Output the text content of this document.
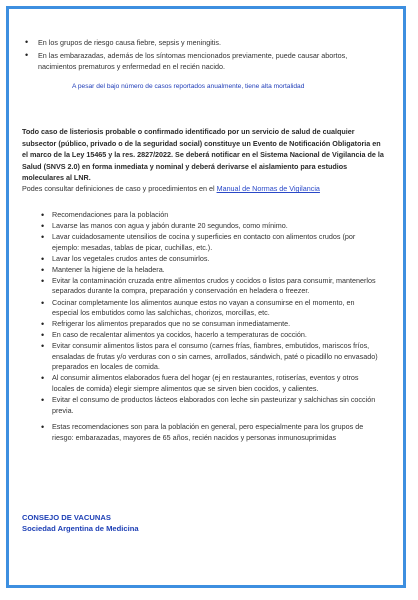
• En los grupos de riesgo causa fiebre, sepsis y meningitis.
• En las embarazadas, además de los síntomas mencionados previamente, puede causar abortos, nacimientos prematuros y enfermedad en el recién nacido.
A pesar del bajo número de casos reportados anualmente, tiene alta mortalidad
Todo caso de listeriosis probable o confirmado identificado por un servicio de salud de cualquier subsector (público, privado o de la seguridad social) constituye un Evento de Notificación Obligatoria en el marco de la Ley 15465 y la res. 2827/2022. Se deberá notificar en el Sistema Nacional de Vigilancia de la Salud (SNVS 2.0) en forma inmediata y nominal y deberá derivarse el aislamiento para estudios moleculares al LNR.
Podes consultar definiciones de caso y procedimientos en el Manual de Normas de Vigilancia
• Recomendaciones para la población
• Lavarse las manos con agua y jabón durante 20 segundos, como mínimo.
• Lavar cuidadosamente utensilios de cocina y superficies en contacto con alimentos crudos (por ejemplo: mesadas, tablas de picar, cuchillas, etc.).
• Lavar los vegetales crudos antes de consumirlos.
• Mantener la higiene de la heladera.
• Evitar la contaminación cruzada entre alimentos crudos y cocidos o listos para consumir, mantenerlos separados durante la compra, preparación y conservación en heladera o freezer.
• Cocinar completamente los alimentos aunque estos no vayan a consumirse en el momento, en especial los embutidos como las salchichas, chorizos, morcillas, etc.
• Refrigerar los alimentos preparados que no se consuman inmediatamente.
• En caso de recalentar alimentos ya cocidos, hacerlo a temperaturas de cocción.
• Evitar consumir alimentos listos para el consumo (carnes frías, fiambres, embutidos, mariscos fríos, ensaladas de frutas y/o verduras con o sin carnes, arrollados, sándwich, paté o picadillo no envasado) preparados en locales de comida.
• Al consumir alimentos elaborados fuera del hogar (ej en restaurantes, rotiserías, eventos y otros locales de comida) elegir siempre alimentos que se sirven bien cocidos, y calientes.
• Evitar el consumo de productos lácteos elaborados con leche sin pasteurizar y salchichas sin cocción previa.
• Estas recomendaciones son para la población en general, pero especialmente para los grupos de riesgo: embarazadas, mayores de 65 años, recién nacidos y personas inmunosuprimidas
CONSEJO DE VACUNAS
Sociedad Argentina de Medicina
